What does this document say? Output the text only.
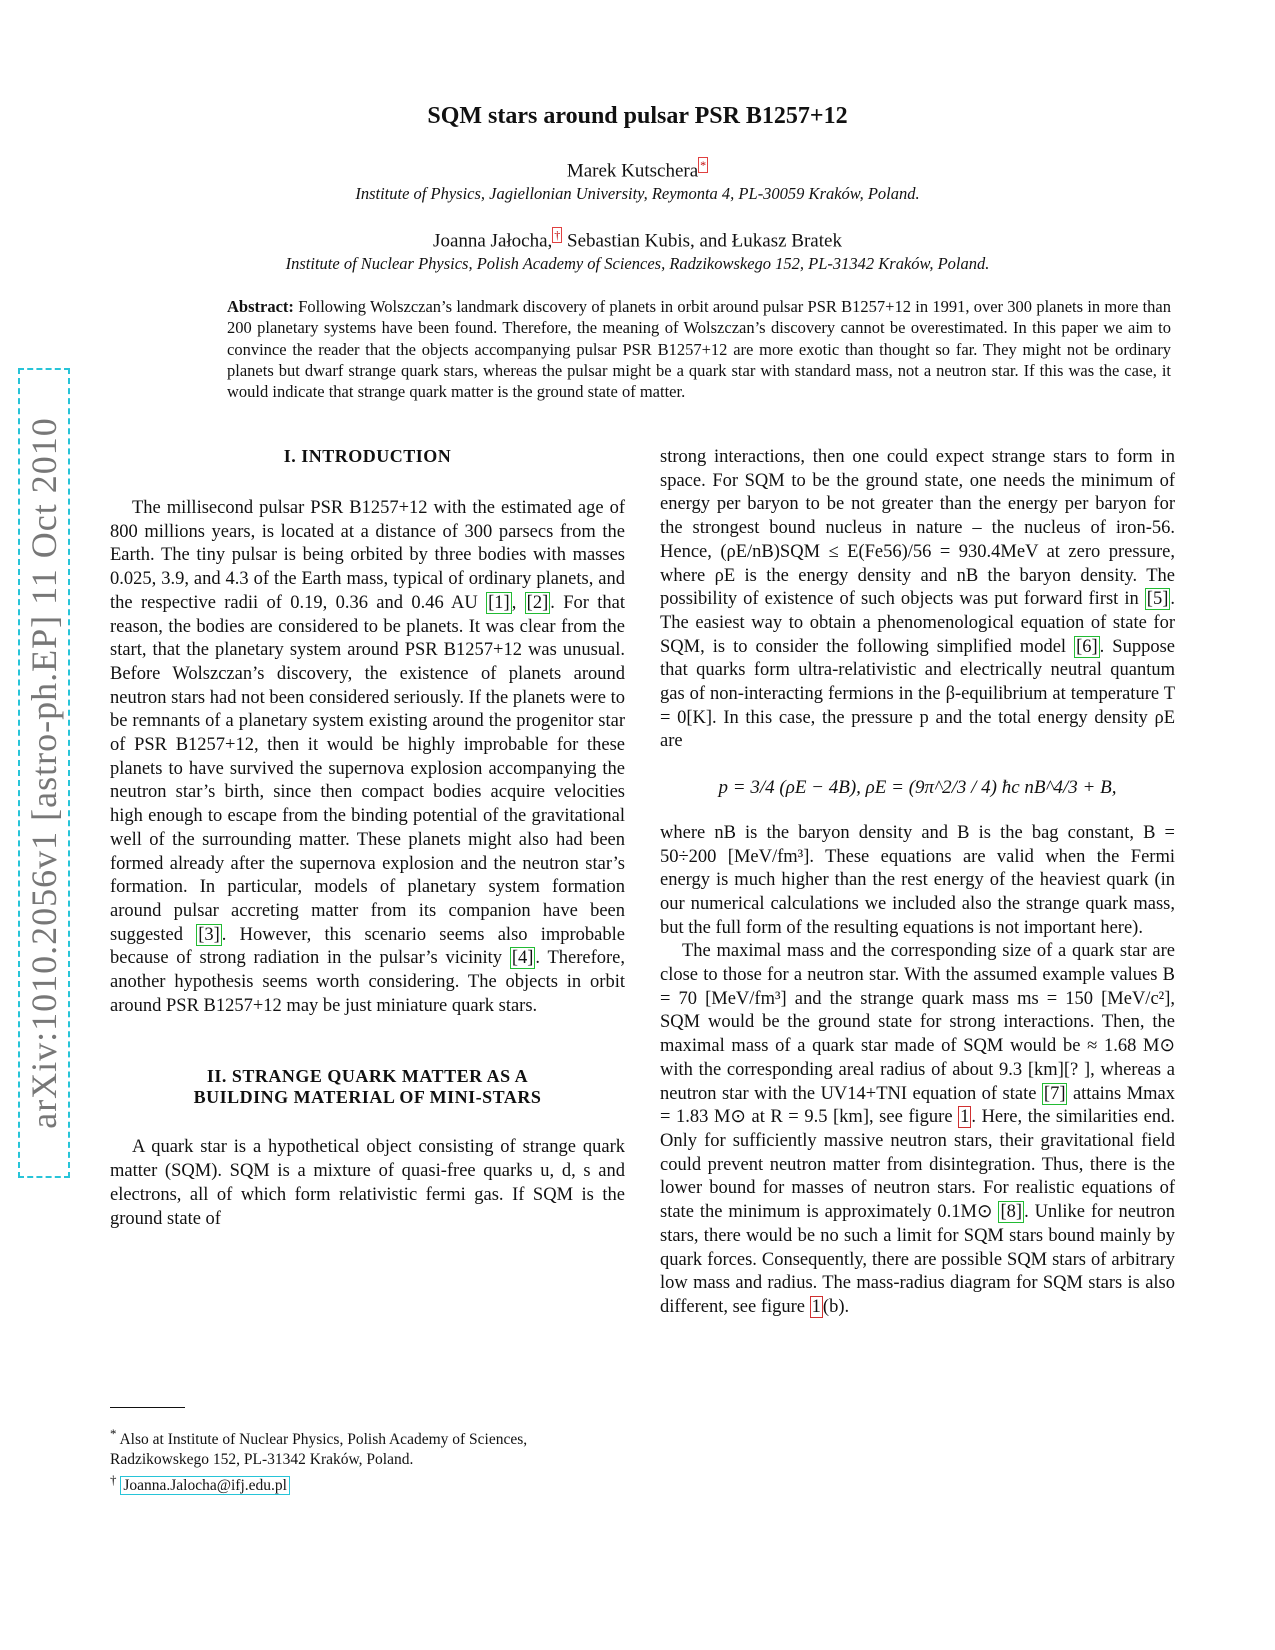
arXiv:1010.2056v1 [astro-ph.EP] 11 Oct 2010
SQM stars around pulsar PSR B1257+12
Marek Kutschera *
Institute of Physics, Jagiellonian University, Reymonta 4, PL-30059 Kraków, Poland.
Joanna Jałocha, † Sebastian Kubis, and Łukasz Bratek
Institute of Nuclear Physics, Polish Academy of Sciences, Radzikowskego 152, PL-31342 Kraków, Poland.
Abstract: Following Wolszczan’s landmark discovery of planets in orbit around pulsar PSR B1257+12 in 1991, over 300 planets in more than 200 planetary systems have been found. Therefore, the meaning of Wolszczan’s discovery cannot be overestimated. In this paper we aim to convince the reader that the objects accompanying pulsar PSR B1257+12 are more exotic than thought so far. They might not be ordinary planets but dwarf strange quark stars, whereas the pulsar might be a quark star with standard mass, not a neutron star. If this was the case, it would indicate that strange quark matter is the ground state of matter.
I. INTRODUCTION

The millisecond pulsar PSR B1257+12 with the estimated age of 800 millions years, is located at a distance of 300 parsecs from the Earth. The tiny pulsar is being orbited by three bodies with masses 0.025, 3.9, and 4.3 of the Earth mass, typical of ordinary planets, and the respective radii of 0.19, 0.36 and 0.46 AU [1] , [2] . For that reason, the bodies are considered to be planets. It was clear from the start, that the planetary system around PSR B1257+12 was unusual. Before Wolszczan’s discovery, the existence of planets around neutron stars had not been considered seriously. If the planets were to be remnants of a planetary system existing around the progenitor star of PSR B1257+12, then it would be highly improbable for these planets to have survived the supernova explosion accompanying the neutron star’s birth, since then compact bodies acquire velocities high enough to escape from the binding potential of the gravitational well of the surrounding matter. These planets might also had been formed already after the supernova explosion and the neutron star’s formation. In particular, models of planetary system formation around pulsar accreting matter from its companion have been suggested [3] . However, this scenario seems also improbable because of strong radiation in the pulsar’s vicinity [4] . Therefore, another hypothesis seems worth considering. The objects in orbit around PSR B1257+12 may be just miniature quark stars.

II. STRANGE QUARK MATTER AS A
BUILDING MATERIAL OF MINI-STARS

A quark star is a hypothetical object consisting of strange quark matter (SQM). SQM is a mixture of quasi-free quarks u, d, s and electrons, all of which form relativistic fermi gas. If SQM is the ground state of

* Also at Institute of Nuclear Physics, Polish Academy of Sciences, Radzikowskego 152, PL-31342 Kraków, Poland.
† Joanna.Jalocha@ifj.edu.pl

strong interactions, then one could expect strange stars to form in space. For SQM to be the ground state, one needs the minimum of energy per baryon to be not greater than the energy per baryon for the strongest bound nucleus in nature – the nucleus of iron-56. Hence, (ρE/nB)SQM ≤ E(Fe56)/56 = 930.4MeV at zero pressure, where ρE is the energy density and nB the baryon density. The possibility of existence of such objects was put forward first in [5] . The easiest way to obtain a phenomenological equation of state for SQM, is to consider the following simplified model [6] . Suppose that quarks form ultra-relativistic and electrically neutral quantum gas of non-interacting fermions in the β-equilibrium at temperature T = 0[K]. In this case, the pressure p and the total energy density ρE are

p = 3/4 (ρE − 4B), ρE = (9π^2/3 / 4) ħc nB^4/3 + B,

where nB is the baryon density and B is the bag constant, B = 50÷200 [MeV/fm³]. These equations are valid when the Fermi energy is much higher than the rest energy of the heaviest quark (in our numerical calculations we included also the strange quark mass, but the full form of the resulting equations is not important here).

The maximal mass and the corresponding size of a quark star are close to those for a neutron star. With the assumed example values B = 70 [MeV/fm³] and the strange quark mass ms = 150 [MeV/c²], SQM would be the ground state for strong interactions. Then, the maximal mass of a quark star made of SQM would be ≈ 1.68 M⊙ with the corresponding areal radius of about 9.3 [km][? ], whereas a neutron star with the UV14+TNI equation of state [7] attains Mmax = 1.83 M⊙ at R = 9.5 [km], see figure 1 . Here, the similarities end. Only for sufficiently massive neutron stars, their gravitational field could prevent neutron matter from disintegration. Thus, there is the lower bound for masses of neutron stars. For realistic equations of state the minimum is approximately 0.1M⊙ [8] . Unlike for neutron stars, there would be no such a limit for SQM stars bound mainly by quark forces. Consequently, there are possible SQM stars of arbitrary low mass and radius. The mass-radius diagram for SQM stars is also different, see figure 1 (b).
